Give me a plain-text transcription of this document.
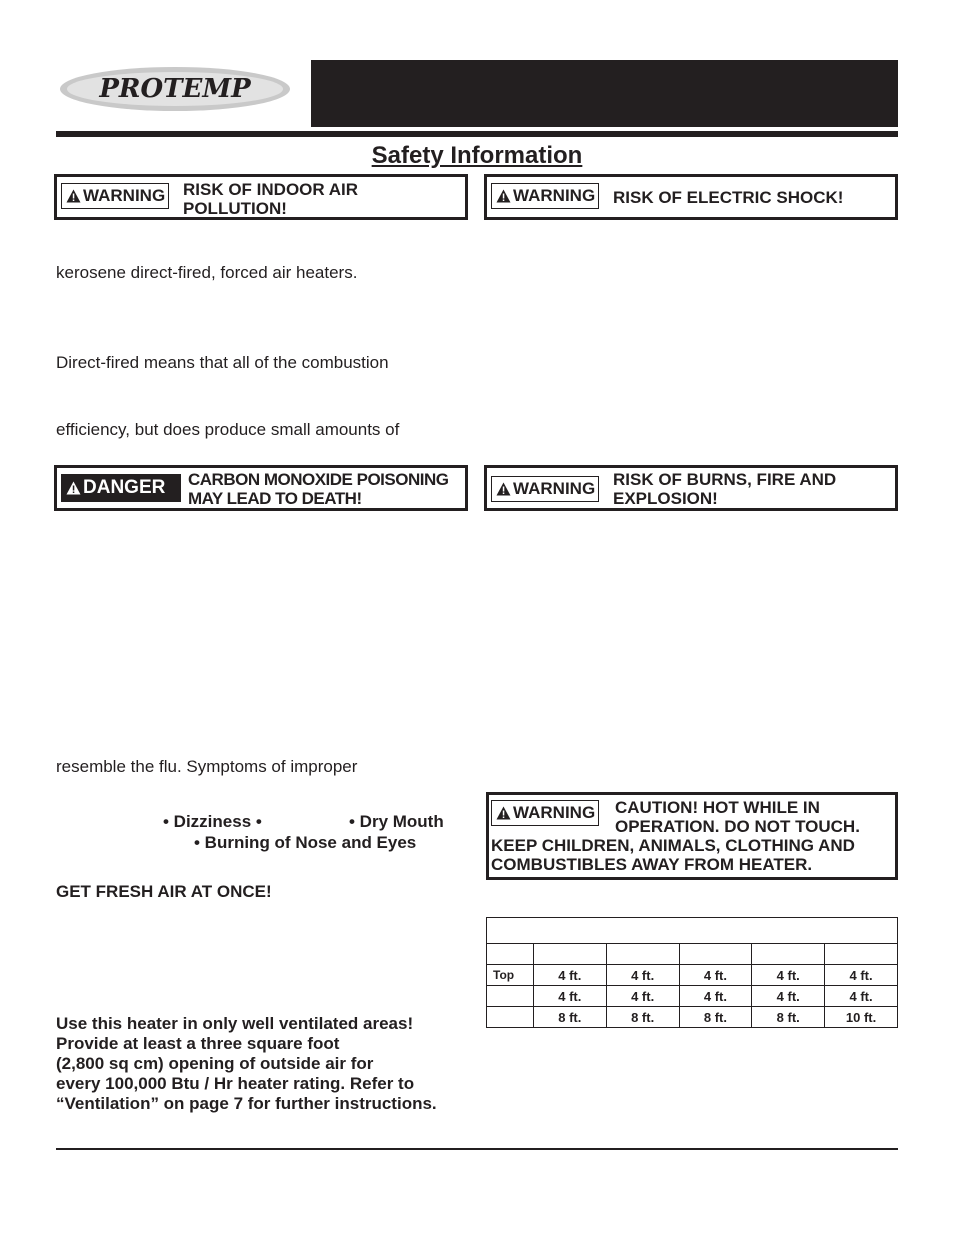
PROTEMP
Safety Information
WARNING RISK OF INDOOR AIR
POLLUTION!
WARNING RISK OF ELECTRIC SHOCK!
kerosene direct-fired, forced air heaters.
Direct-fired means that all of the combustion
efficiency, but does produce small amounts of
DANGER CARBON MONOXIDE POISONING
MAY LEAD TO DEATH!
WARNING RISK OF BURNS, FIRE AND
EXPLOSION!
resemble the flu. Symptoms of improper
• Dizziness •	• Dry Mouth
• Burning of Nose and Eyes
GET FRESH AIR AT ONCE!
Use this heater in only well ventilated areas!
Provide at least a three square foot
(2,800 sq cm) opening of outside air for
every 100,000 Btu / Hr heater rating. Refer to
“Ventilation” on page 7 for further instructions.
WARNING CAUTION! HOT WHILE IN
OPERATION. DO NOT TOUCH.
KEEP CHILDREN, ANIMALS, CLOTHING AND
COMBUSTIBLES AWAY FROM HEATER.

Top	4 ft.	4 ft.	4 ft.	4 ft.	4 ft.
	4 ft.	4 ft.	4 ft.	4 ft.	4 ft.
	8 ft.	8 ft.	8 ft.	8 ft.	10 ft.
